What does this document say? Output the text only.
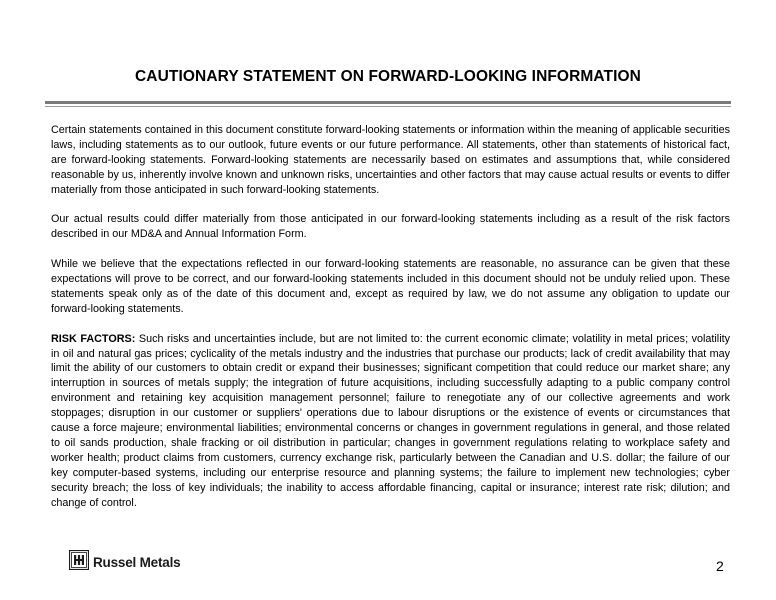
CAUTIONARY STATEMENT ON FORWARD-LOOKING INFORMATION

Certain statements contained in this document constitute forward-looking statements or information within the meaning of applicable securities laws, including statements as to our outlook, future events or our future performance. All statements, other than statements of historical fact, are forward-looking statements. Forward-looking statements are necessarily based on estimates and assumptions that, while considered reasonable by us, inherently involve known and unknown risks, uncertainties and other factors that may cause actual results or events to differ materially from those anticipated in such forward-looking statements.

Our actual results could differ materially from those anticipated in our forward-looking statements including as a result of the risk factors described in our MD&A and Annual Information Form.

While we believe that the expectations reflected in our forward-looking statements are reasonable, no assurance can be given that these expectations will prove to be correct, and our forward-looking statements included in this document should not be unduly relied upon. These statements speak only as of the date of this document and, except as required by law, we do not assume any obligation to update our forward-looking statements.

RISK FACTORS: Such risks and uncertainties include, but are not limited to: the current economic climate; volatility in metal prices; volatility in oil and natural gas prices; cyclicality of the metals industry and the industries that purchase our products; lack of credit availability that may limit the ability of our customers to obtain credit or expand their businesses; significant competition that could reduce our market share; any interruption in sources of metals supply; the integration of future acquisitions, including successfully adapting to a public company control environment and retaining key acquisition management personnel; failure to renegotiate any of our collective agreements and work stoppages; disruption in our customer or suppliers' operations due to labour disruptions or the existence of events or circumstances that cause a force majeure; environmental liabilities; environmental concerns or changes in government regulations in general, and those related to oil sands production, shale fracking or oil distribution in particular; changes in government regulations relating to workplace safety and worker health; product claims from customers, currency exchange risk, particularly between the Canadian and U.S. dollar; the failure of our key computer-based systems, including our enterprise resource and planning systems; the failure to implement new technologies; cyber security breach; the loss of key individuals; the inability to access affordable financing, capital or insurance; interest rate risk; dilution; and change of control.

Russel Metals	2
